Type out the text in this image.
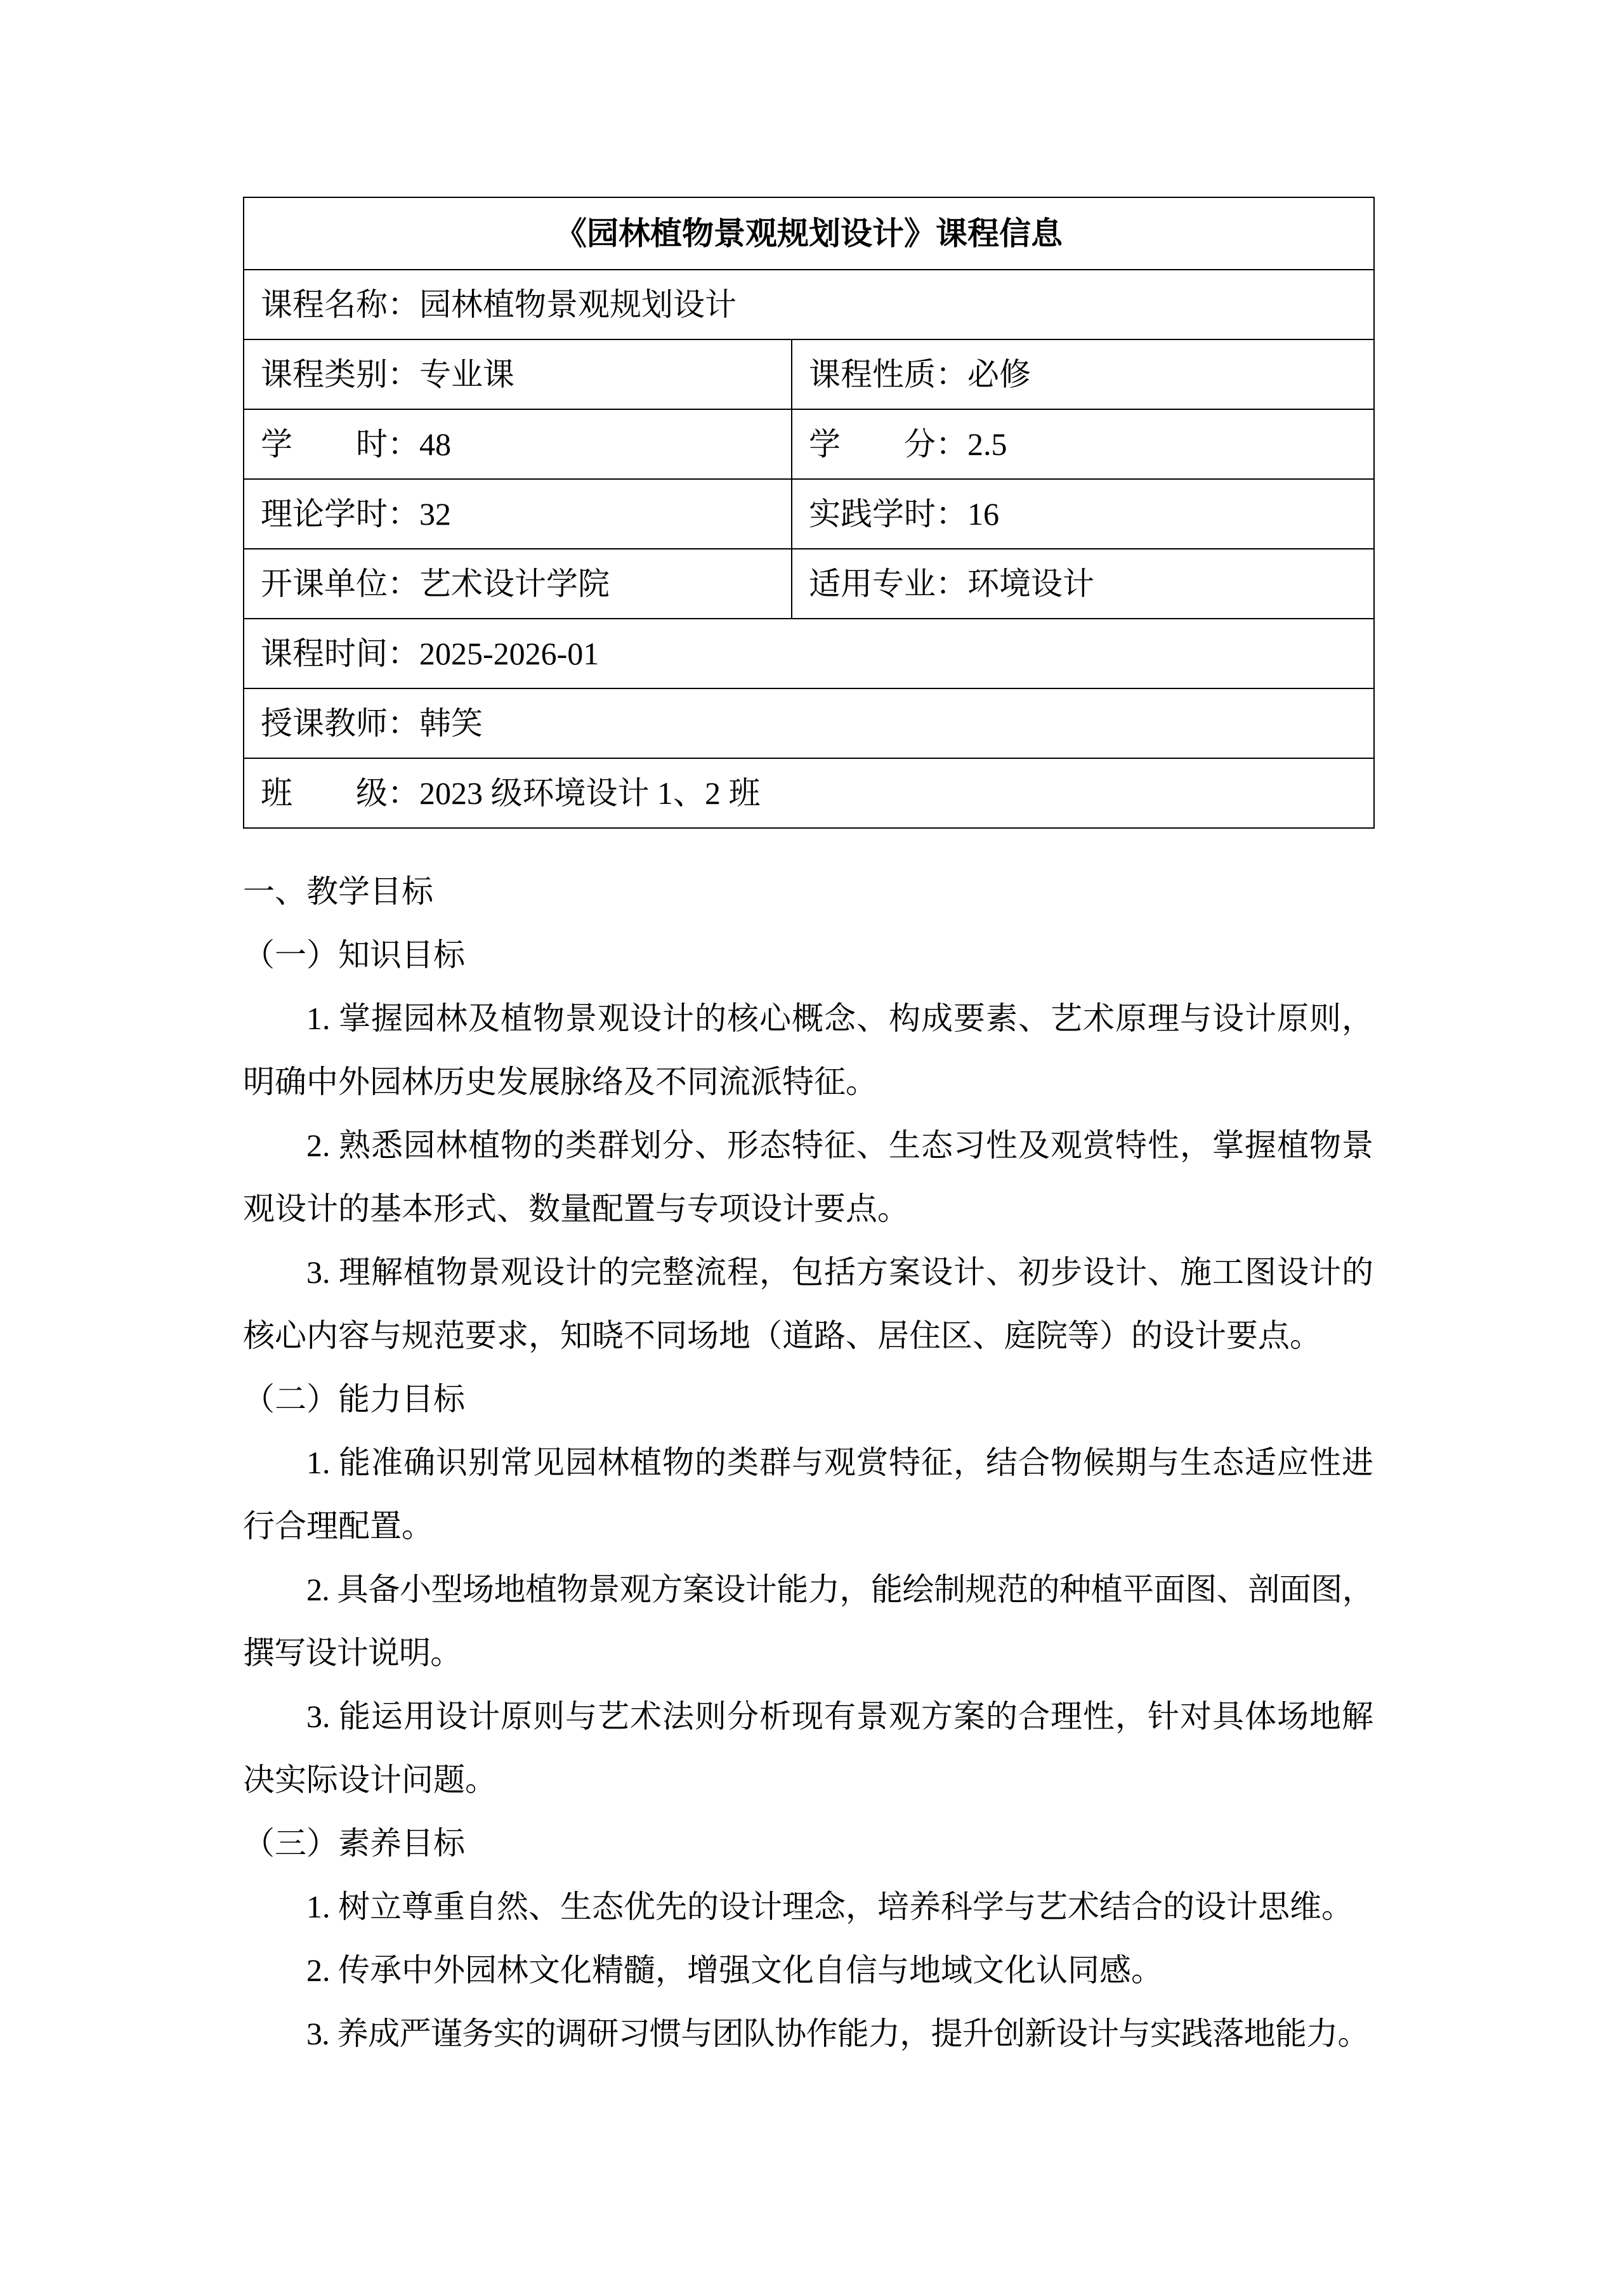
《园林植物景观规划设计》课程信息	
课程名称：园林植物景观规划设计	
课程类别：专业课	课程性质：必修
学　　时：48	学　　分：2.5
理论学时：32	实践学时：16
开课单位：艺术设计学院	适用专业：环境设计
课程时间：2025-2026-01	
授课教师：韩笑	
班　　级：2023 级环境设计 1、2 班	
一、教学目标
（一）知识目标
1. 掌握园林及植物景观设计的核心概念、构成要素、艺术原理与设计原则，明确中外园林历史发展脉络及不同流派特征。
2. 熟悉园林植物的类群划分、形态特征、生态习性及观赏特性，掌握植物景观设计的基本形式、数量配置与专项设计要点。
3. 理解植物景观设计的完整流程，包括方案设计、初步设计、施工图设计的核心内容与规范要求，知晓不同场地（道路、居住区、庭院等）的设计要点。
（二）能力目标
1. 能准确识别常见园林植物的类群与观赏特征，结合物候期与生态适应性进行合理配置。
2. 具备小型场地植物景观方案设计能力，能绘制规范的种植平面图、剖面图，撰写设计说明。
3. 能运用设计原则与艺术法则分析现有景观方案的合理性，针对具体场地解决实际设计问题。
（三）素养目标
1. 树立尊重自然、生态优先的设计理念，培养科学与艺术结合的设计思维。
2. 传承中外园林文化精髓，增强文化自信与地域文化认同感。
3. 养成严谨务实的调研习惯与团队协作能力，提升创新设计与实践落地能力。
